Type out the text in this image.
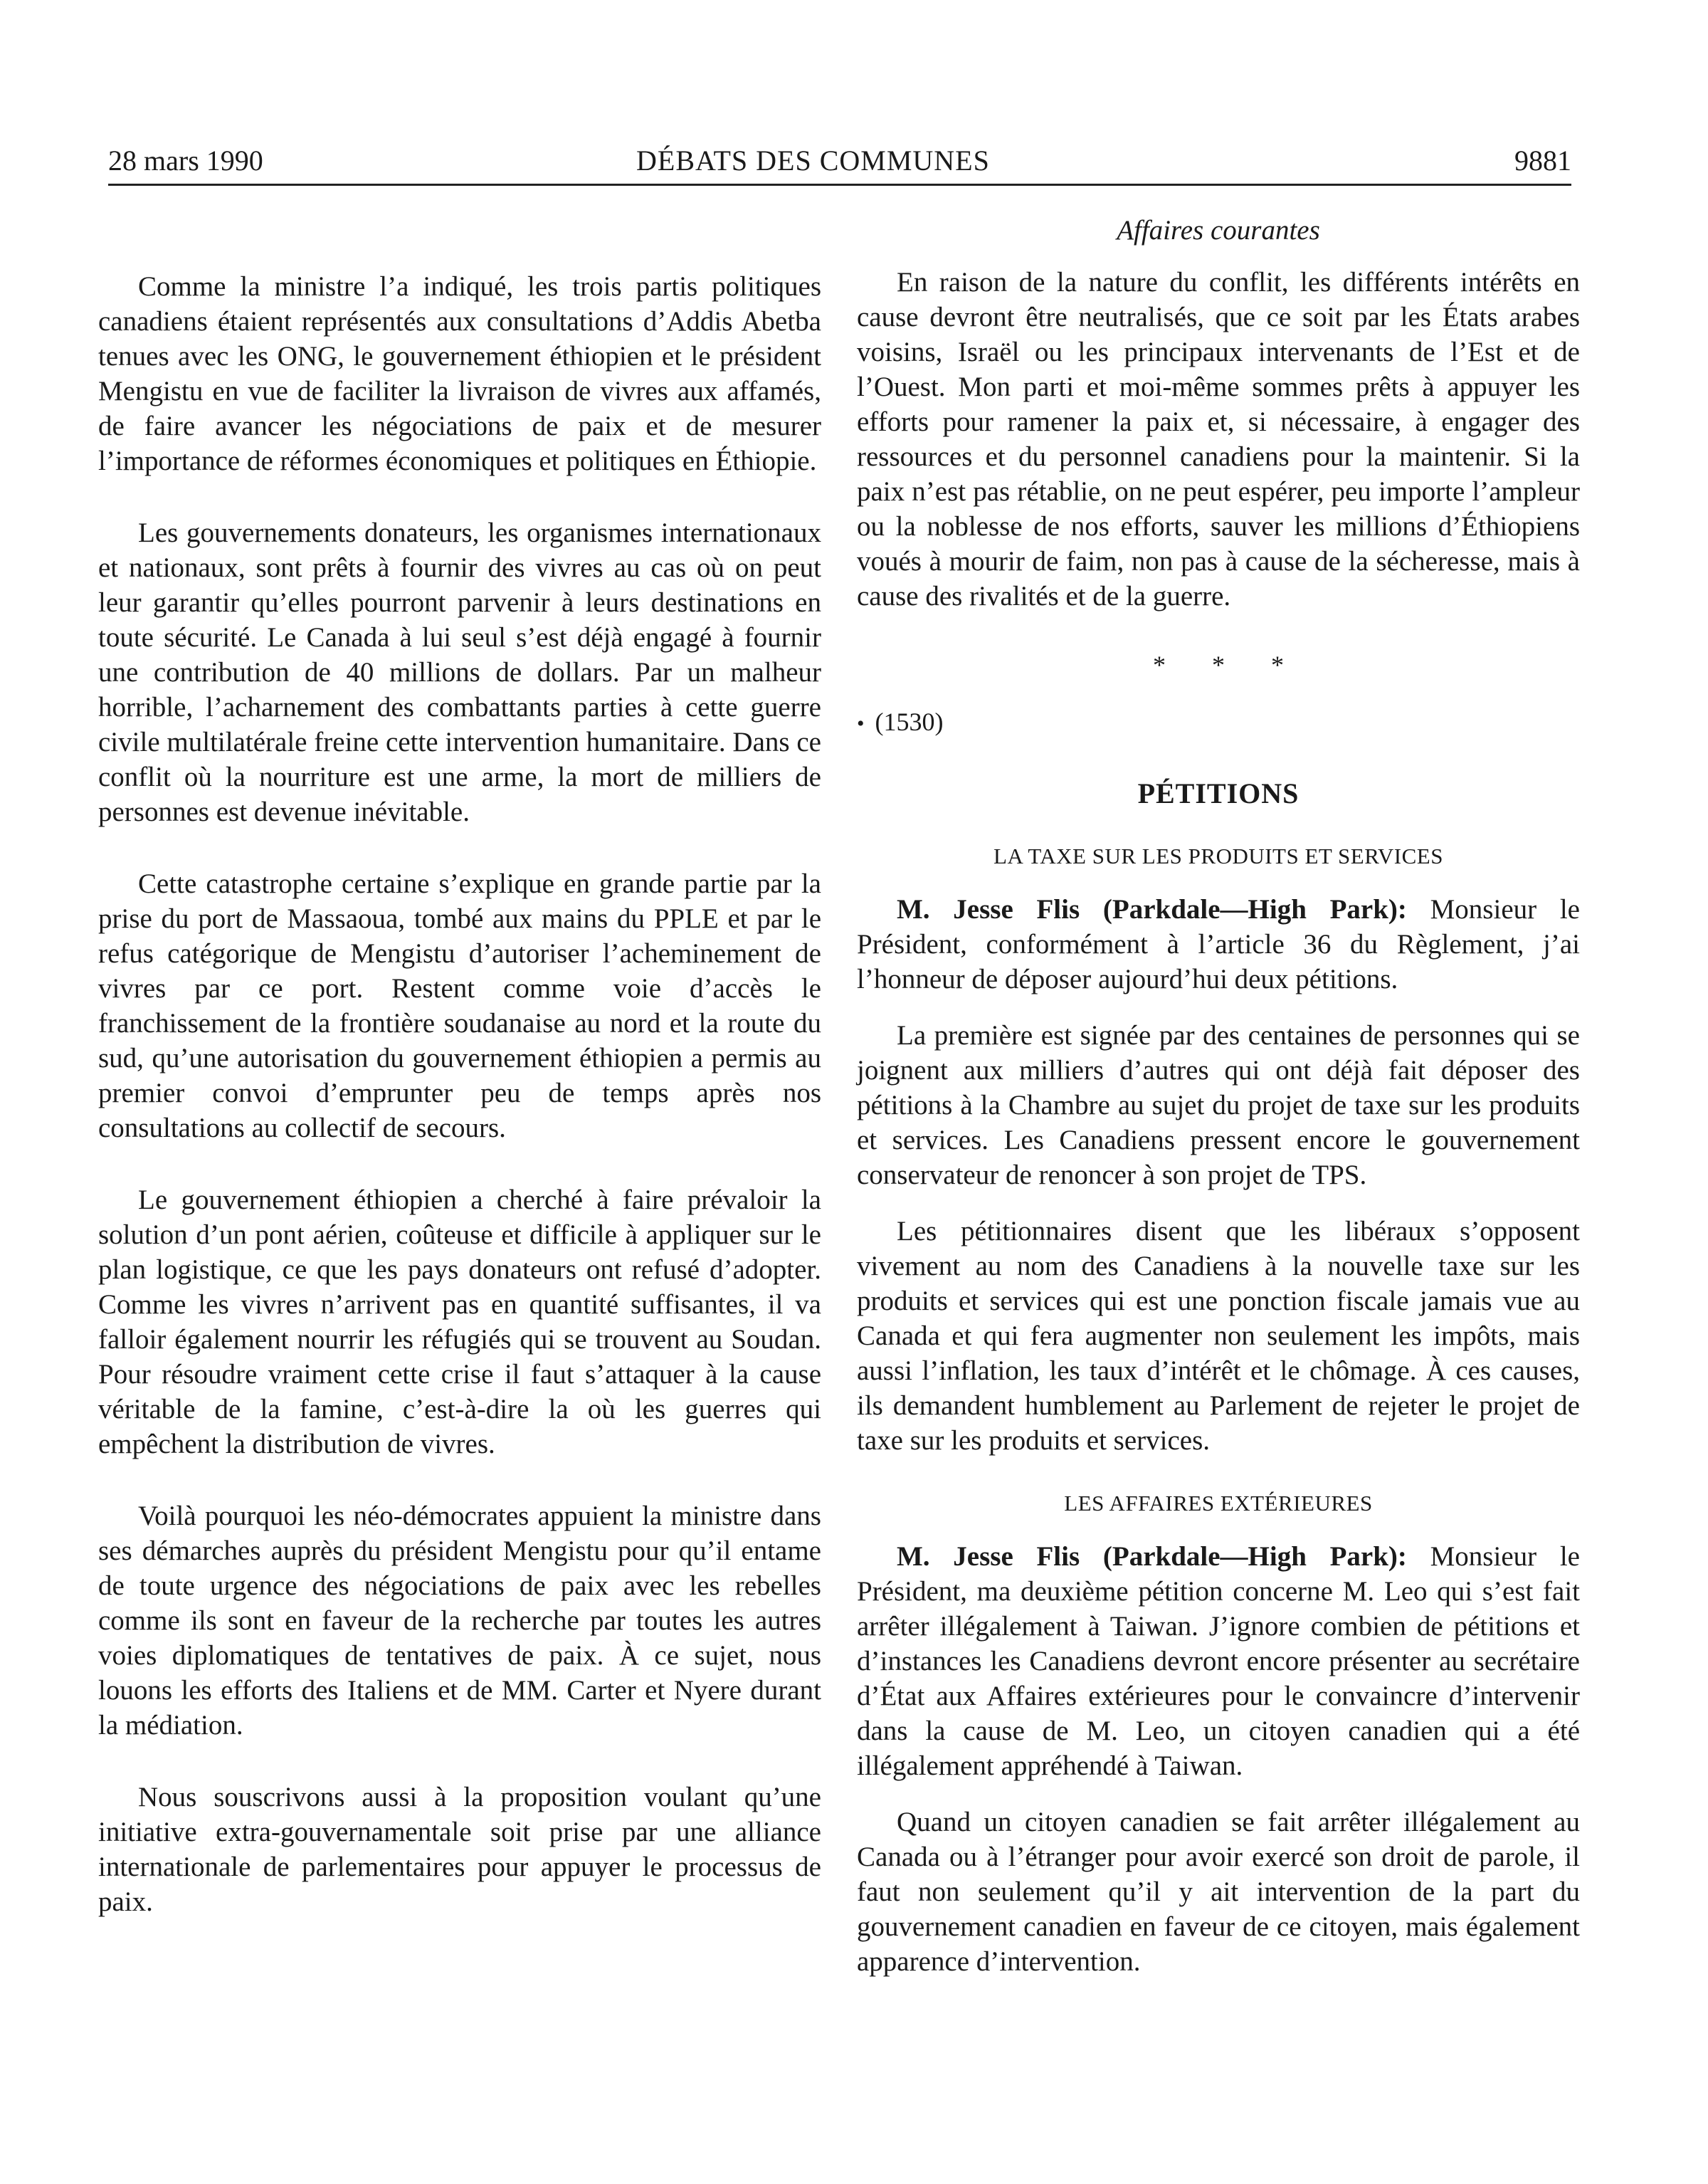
28 mars 1990	DÉBATS DES COMMUNES	9881

Comme la ministre l’a indiqué, les trois partis politiques canadiens étaient représentés aux consultations d’Addis Abetba tenues avec les ONG, le gouvernement éthiopien et le président Mengistu en vue de faciliter la livraison de vivres aux affamés, de faire avancer les négociations de paix et de mesurer l’importance de réformes économiques et politiques en Éthiopie.

Les gouvernements donateurs, les organismes internationaux et nationaux, sont prêts à fournir des vivres au cas où on peut leur garantir qu’elles pourront parvenir à leurs destinations en toute sécurité. Le Canada à lui seul s’est déjà engagé à fournir une contribution de 40 millions de dollars. Par un malheur horrible, l’acharnement des combattants parties à cette guerre civile multilatérale freine cette intervention humanitaire. Dans ce conflit où la nourriture est une arme, la mort de milliers de personnes est devenue inévitable.

Cette catastrophe certaine s’explique en grande partie par la prise du port de Massaoua, tombé aux mains du PPLE et par le refus catégorique de Mengistu d’autoriser l’acheminement de vivres par ce port. Restent comme voie d’accès le franchissement de la frontière soudanaise au nord et la route du sud, qu’une autorisation du gouvernement éthiopien a permis au premier convoi d’emprunter peu de temps après nos consultations au collectif de secours.

Le gouvernement éthiopien a cherché à faire prévaloir la solution d’un pont aérien, coûteuse et difficile à appliquer sur le plan logistique, ce que les pays donateurs ont refusé d’adopter. Comme les vivres n’arrivent pas en quantité suffisantes, il va falloir également nourrir les réfugiés qui se trouvent au Soudan. Pour résoudre vraiment cette crise il faut s’attaquer à la cause véritable de la famine, c’est-à-dire la où les guerres qui empêchent la distribution de vivres.

Voilà pourquoi les néo-démocrates appuient la ministre dans ses démarches auprès du président Mengistu pour qu’il entame de toute urgence des négociations de paix avec les rebelles comme ils sont en faveur de la recherche par toutes les autres voies diplomatiques de tentatives de paix. À ce sujet, nous louons les efforts des Italiens et de MM. Carter et Nyere durant la médiation.

Nous souscrivons aussi à la proposition voulant qu’une initiative extra-gouvernamentale soit prise par une alliance internationale de parlementaires pour appuyer le processus de paix.

Affaires courantes

En raison de la nature du conflit, les différents intérêts en cause devront être neutralisés, que ce soit par les États arabes voisins, Israël ou les principaux intervenants de l’Est et de l’Ouest. Mon parti et moi-même sommes prêts à appuyer les efforts pour ramener la paix et, si nécessaire, à engager des ressources et du personnel canadiens pour la maintenir. Si la paix n’est pas rétablie, on ne peut espérer, peu importe l’ampleur ou la noblesse de nos efforts, sauver les millions d’Éthiopiens voués à mourir de faim, non pas à cause de la sécheresse, mais à cause des rivalités et de la guerre.

* * *
• (1530)
PÉTITIONS
LA TAXE SUR LES PRODUITS ET SERVICES

M. Jesse Flis (Parkdale—High Park): Monsieur le Président, conformément à l’article 36 du Règlement, j’ai l’honneur de déposer aujourd’hui deux pétitions.

La première est signée par des centaines de personnes qui se joignent aux milliers d’autres qui ont déjà fait déposer des pétitions à la Chambre au sujet du projet de taxe sur les produits et services. Les Canadiens pressent encore le gouvernement conservateur de renoncer à son projet de TPS.

Les pétitionnaires disent que les libéraux s’opposent vivement au nom des Canadiens à la nouvelle taxe sur les produits et services qui est une ponction fiscale jamais vue au Canada et qui fera augmenter non seulement les impôts, mais aussi l’inflation, les taux d’intérêt et le chômage. À ces causes, ils demandent humblement au Parlement de rejeter le projet de taxe sur les produits et services.

LES AFFAIRES EXTÉRIEURES

M. Jesse Flis (Parkdale—High Park): Monsieur le Président, ma deuxième pétition concerne M. Leo qui s’est fait arrêter illégalement à Taiwan. J’ignore combien de pétitions et d’instances les Canadiens devront encore présenter au secrétaire d’État aux Affaires extérieures pour le convaincre d’intervenir dans la cause de M. Leo, un citoyen canadien qui a été illégalement appréhendé à Taiwan.

Quand un citoyen canadien se fait arrêter illégalement au Canada ou à l’étranger pour avoir exercé son droit de parole, il faut non seulement qu’il y ait intervention de la part du gouvernement canadien en faveur de ce citoyen, mais également apparence d’intervention.
